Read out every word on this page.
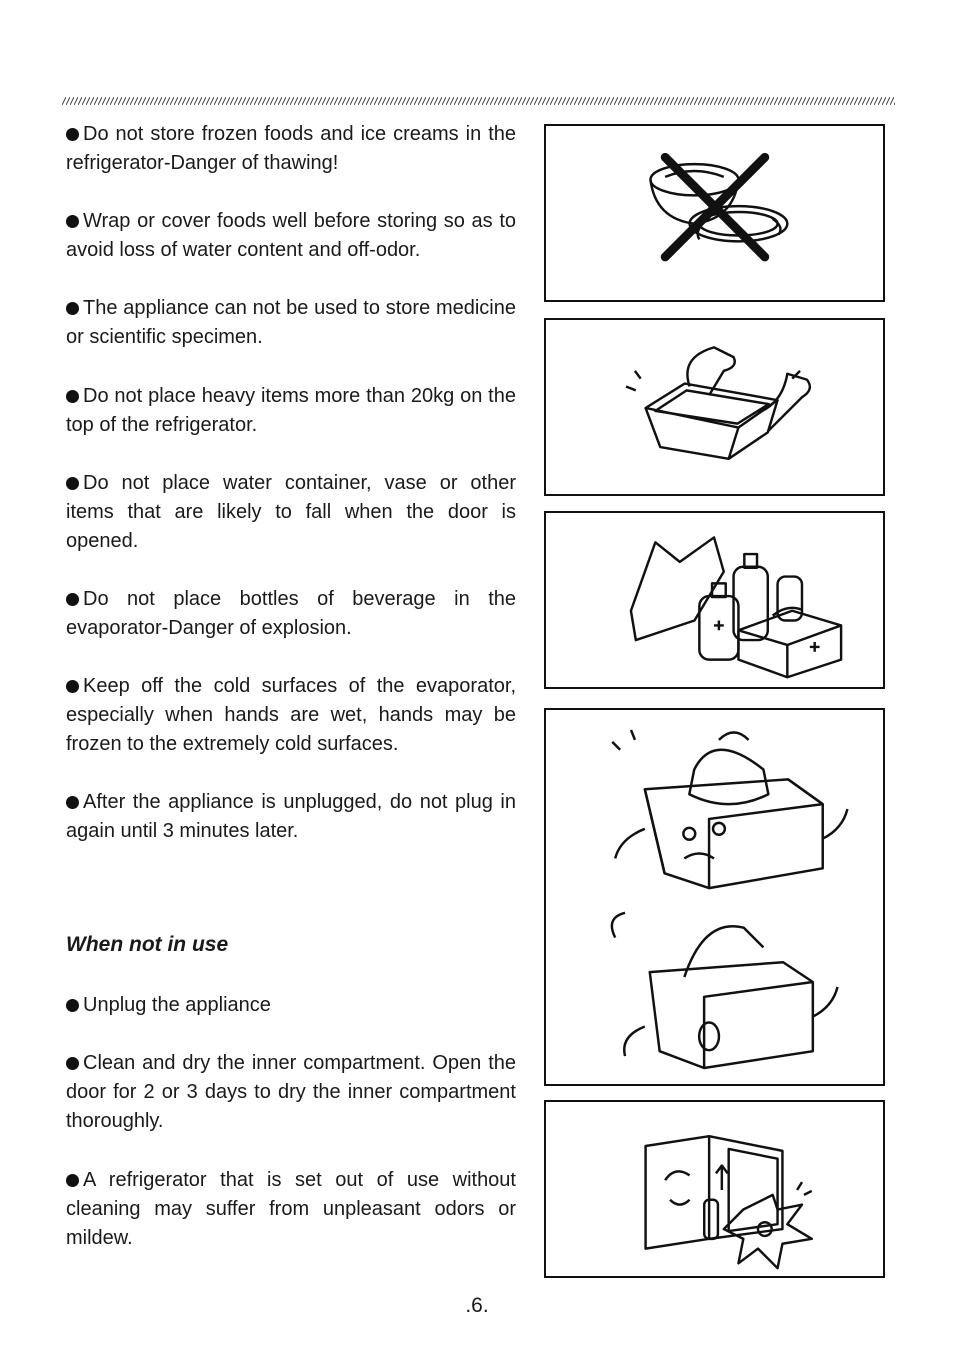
Do not store frozen foods and ice creams in the refrigerator-Danger of thawing!

Wrap or cover foods well before storing so as to avoid loss of water content and off-odor.

The appliance can not be used to store medicine or scientific specimen.

Do not place heavy items more than 20kg on the top of the refrigerator.

Do not place water container, vase or other items that are likely to fall when the door is opened.

Do not place bottles of beverage in the evaporator-Danger of explosion.

Keep off the cold surfaces of the evaporator, especially when hands are wet, hands may be frozen to the extremely cold surfaces.

After the appliance is unplugged, do not plug in again until 3 minutes later.

When not in use

Unplug the appliance

Clean and dry the inner compartment. Open the door for 2 or 3 days to dry the inner compartment thoroughly.

A refrigerator that is set out of use without cleaning may suffer from unpleasant odors or mildew.

.6.
